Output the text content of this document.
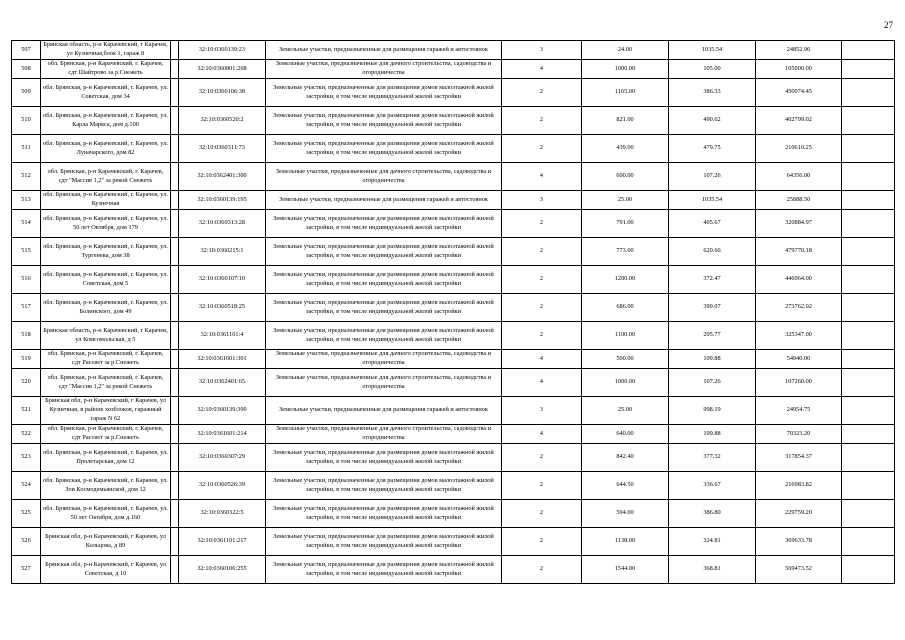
27
507	Брянская область, р-н Карачевский, г Карачев, ул Кузнечная,блок 1, гараж 8		32:10:0360139:23	Земельные участки, предназначенные для размещения гаражей и автостоянок	3	24.00	1035.54	24852.96	
508	обл. Брянская, р-н Карачевский, г. Карачев, сдт Шайтрово за р.Снежеть		32:10:0360801:268	Земельные участки, предназначенные для дачного строительства, садоводства и огородничества	4	1000.00	105.00	105000.00	
509	обл. Брянская, р-н Карачевский, г. Карачев, ул. Советская, дом 34		32:10:0360106:38	Земельные участки, предназначенные для размещения домов малоэтажной жилой застройки, в том числе индивидуальной жилой застройки	2	1165.00	386.33	450074.45	
510	обл. Брянская, р-н Карачевский, г. Карачев, ул. Карла Маркса, дом д.100		32:10:0360520:2	Земельные участки, предназначенные для размещения домов малоэтажной жилой застройки, в том числе индивидуальной жилой застройки	2	821.00	490.62	402799.02	
511	обл. Брянская, р-н Карачевский, г. Карачев, ул. Луначарского, дом 82		32:10:0360311:73	Земельные участки, предназначенные для размещения домов малоэтажной жилой застройки, в том числе индивидуальной жилой застройки	2	439.00	479.75	210610.25	
512	обл. Брянская, р-н Карачевский, г. Карачев, сдт "Массив 1,2" за рекой Снежеть		32:10:0362401:300	Земельные участки, предназначенные для дачного строительства, садоводства и огородничества	4	600.00	107.26	64356.00	
513	обл. Брянская, р-н Карачевский, г. Карачев, ул. Кузнечная		32:10:0360139:195	Земельные участки, предназначенные для размещения гаражей и автостоянок	3	25.00	1035.54	25888.50	
514	обл. Брянская, р-н Карачевский, г. Карачев, ул. 50 лет Октября, дом 179		32:10:0360313:28	Земельные участки, предназначенные для размещения домов малоэтажной жилой застройки, в том числе индивидуальной жилой застройки	2	791.00	405.67	320884.97	
515	обл. Брянская, р-н Карачевский, г. Карачев, ул. Тургенева, дом 38		32:10:0360215:1	Земельные участки, предназначенные для размещения домов малоэтажной жилой застройки, в том числе индивидуальной жилой застройки	2	773.00	620.66	479770.18	
516	обл. Брянская, р-н Карачевский, г. Карачев, ул. Советская, дом 5		32:10:0360107:10	Земельные участки, предназначенные для размещения домов малоэтажной жилой застройки, в том числе индивидуальной жилой застройки	2	1200.00	372.47	446964.00	
517	обл. Брянская, р-н Карачевский, г. Карачев, ул. Болинского, дом 49		32:10:0360518:25	Земельные участки, предназначенные для размещения домов малоэтажной жилой застройки, в том числе индивидуальной жилой застройки	2	686.00	399.07	273762.02	
518	Брянская область, р-н Карачевский, г Карачев, ул Комсомольская, д 5		32:10:0361101:4	Земельные участки, предназначенные для размещения домов малоэтажной жилой застройки, в том числе индивидуальной жилой застройки	2	1100.00	295.77	325347.00	
519	обл. Брянская, р-н Карачевский, г. Карачев, сдт Рассвет за р.Снежеть		32:10:0361601:301	Земельные участки, предназначенные для дачного строительства, садоводства и огородничества	4	500.00	109.88	54940.00	
520	обл. Брянская, р-н Карачевский, г. Карачев, сдт "Массив 1,2" за рекой Снежеть		32:10:0362401:65	Земельные участки, предназначенные для дачного строительства, садоводства и огородничества	4	1000.00	107.26	107260.00	
521	Брянская обл, р-н Карачевский, г Карачев, ул Кузнечная, в районе хозблоков, гаражный гараж N 62		32:10:0360139:390	Земельные участки, предназначенные для размещения гаражей и автостоянок	3	25.00	998.19	24954.75	
522	обл. Брянская, р-н Карачевский, г. Карачев, сдт Рассвет за р.Снежеть		32:10:0361601:214	Земельные участки, предназначенные для дачного строительства, садоводства и огородничества	4	640.00	109.88	70323.20	
523	обл. Брянская, р-н Карачевский, г. Карачев, ул. Пролетарская, дом 12		32:10:0360307:29	Земельные участки, предназначенные для размещения домов малоэтажной жилой застройки, в том числе индивидуальной жилой застройки	2	842.40	377.32	317854.37	
524	обл. Брянская, р-н Карачевский, г. Карачев, ул. Зои Космодемьянской, дом 12		32:10:0360526:39	Земельные участки, предназначенные для размещения домов малоэтажной жилой застройки, в том числе индивидуальной жилой застройки	2	644.50	336.67	216983.82	
525	обл. Брянская, р-н Карачевский, г. Карачев, ул. 50 лет Октября, дом д.160		32:10:0360322:5	Земельные участки, предназначенные для размещения домов малоэтажной жилой застройки, в том числе индивидуальной жилой застройки	2	594.00	386.80	229759.20	
526	Брянская обл, р-н Карачевский, г Карачев, ул Кольцова, д 89		32:10:0361101:217	Земельные участки, предназначенные для размещения домов малоэтажной жилой застройки, в том числе индивидуальной жилой застройки	2	1138.00	324.81	369633.78	
527	Брянская обл, р-н Карачевский, г Карачев, ул Советская, д 10		32:10:0360106:255	Земельные участки, предназначенные для размещения домов малоэтажной жилой застройки, в том числе индивидуальной жилой застройки	2	1544.00	368.81	569473.52	
